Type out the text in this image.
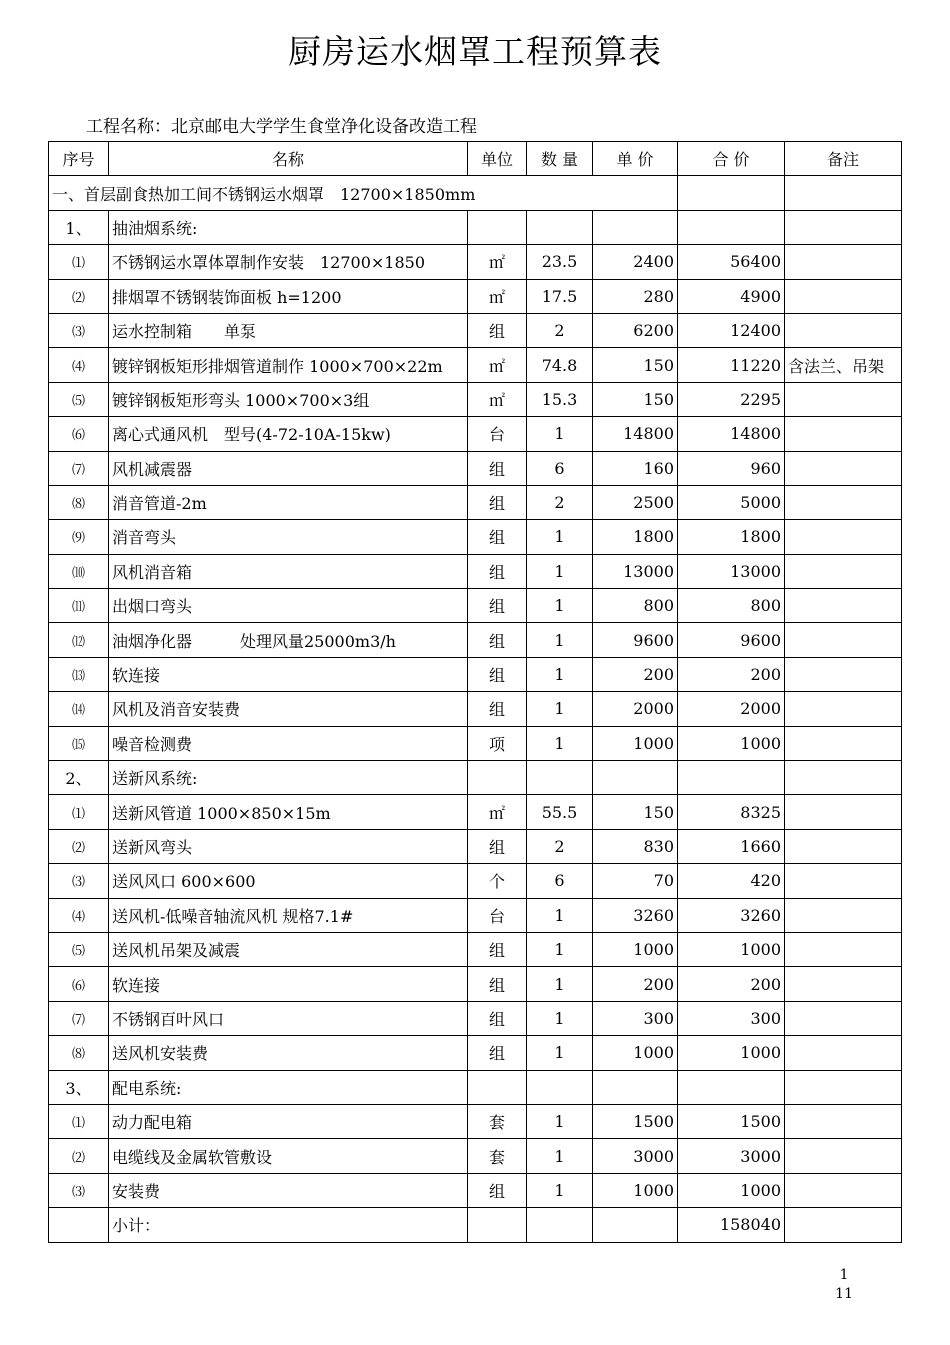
厨房运水烟罩工程预算表
工程名称：北京邮电大学学生食堂净化设备改造工程
序号	名称	单位	数 量	单 价	合 价	备注
一、首层副食热加工间不锈钢运水烟罩　12700×1850mm						
1、	抽油烟系统:					
⑴	不锈钢运水罩体罩制作安装　12700×1850	㎡	23.5	2400	56400	
⑵	排烟罩不锈钢装饰面板 h=1200	㎡	17.5	280	4900	
⑶	运水控制箱　　单泵	组	2	6200	12400	
⑷	镀锌钢板矩形排烟管道制作 1000×700×22m	㎡	74.8	150	11220	含法兰、吊架
⑸	镀锌钢板矩形弯头 1000×700×3组	㎡	15.3	150	2295	
⑹	离心式通风机　型号(4-72-10A-15kw)	台	1	14800	14800	
⑺	风机减震器	组	6	160	960	
⑻	消音管道-2m	组	2	2500	5000	
⑼	消音弯头	组	1	1800	1800	
⑽	风机消音箱	组	1	13000	13000	
⑾	出烟口弯头	组	1	800	800	
⑿	油烟净化器　　　处理风量25000m3/h	组	1	9600	9600	
⒀	软连接	组	1	200	200	
⒁	风机及消音安装费	组	1	2000	2000	
⒂	噪音检测费	项	1	1000	1000	
2、	送新风系统:					
⑴	送新风管道 1000×850×15m	㎡	55.5	150	8325	
⑵	送新风弯头	组	2	830	1660	
⑶	送风风口 600×600	个	6	70	420	
⑷	送风机-低噪音轴流风机 规格7.1#	台	1	3260	3260	
⑸	送风机吊架及减震	组	1	1000	1000	
⑹	软连接	组	1	200	200	
⑺	不锈钢百叶风口	组	1	300	300	
⑻	送风机安装费	组	1	1000	1000	
3、	配电系统:					
⑴	动力配电箱	套	1	1500	1500	
⑵	电缆线及金属软管敷设	套	1	3000	3000	
⑶	安装费	组	1	1000	1000	
	小计：				158040	
1
11
